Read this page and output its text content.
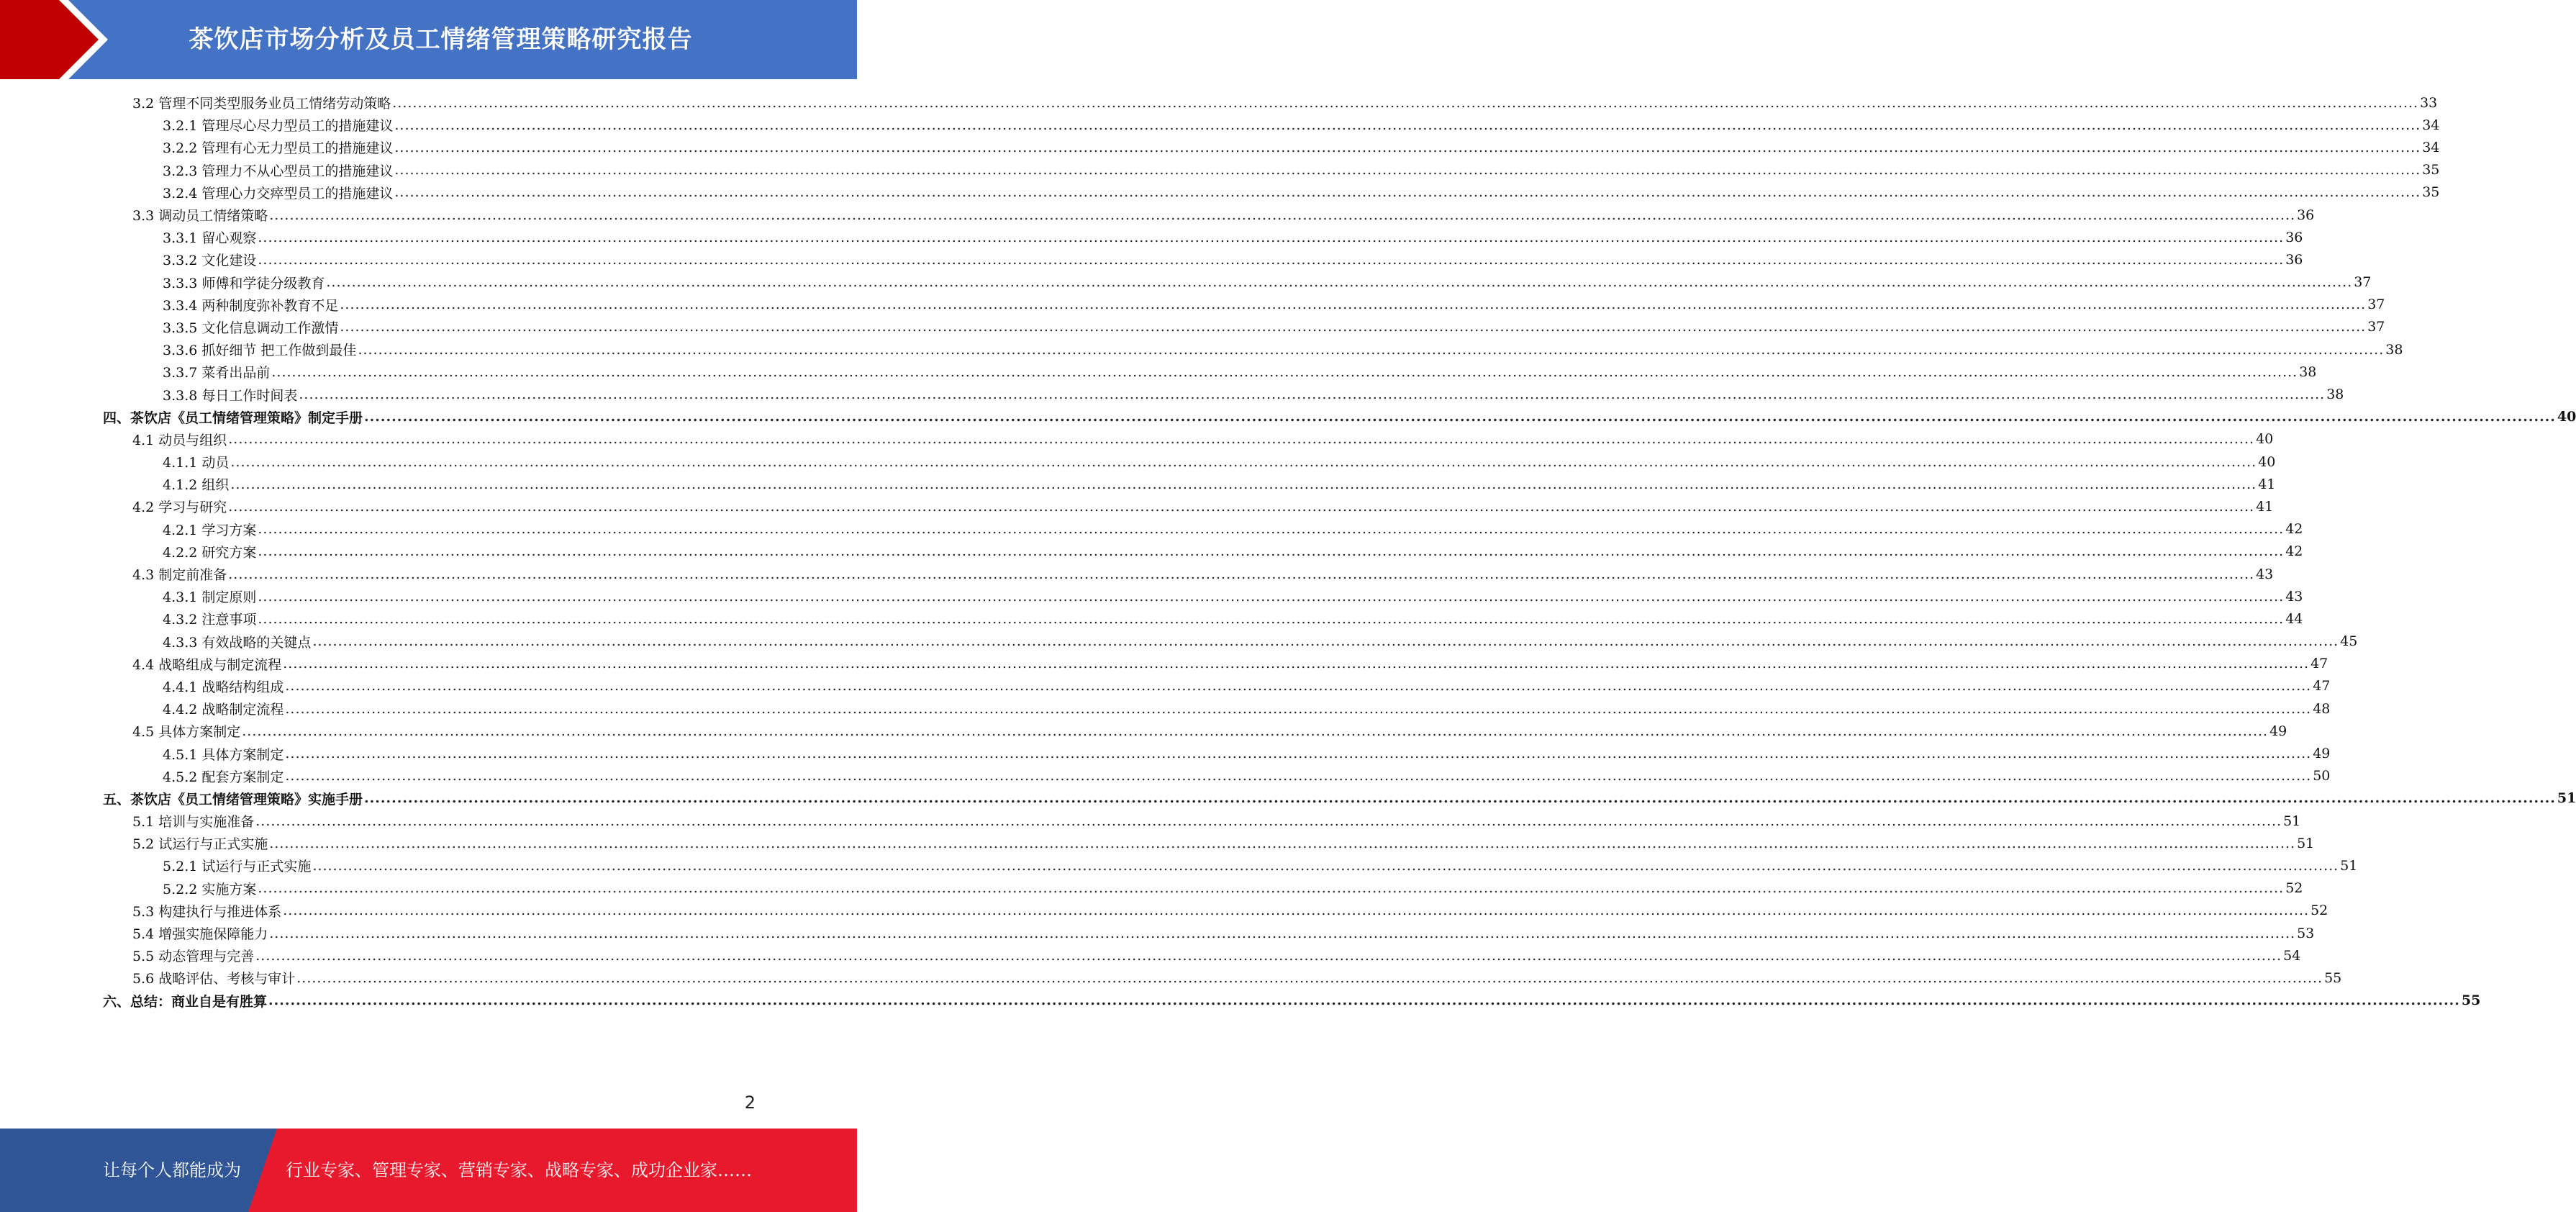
茶饮店市场分析及员工情绪管理策略研究报告
3.2 管理不同类型服务业员工情绪劳动策略 ................................................................................................................................................................................................................................................................................................................................................................................................................ 33
3.2.1 管理尽心尽力型员工的措施建议 ................................................................................................................................................................................................................................................................................................................................................................................................................ 34
3.2.2 管理有心无力型员工的措施建议 ................................................................................................................................................................................................................................................................................................................................................................................................................ 34
3.2.3 管理力不从心型员工的措施建议 ................................................................................................................................................................................................................................................................................................................................................................................................................ 35
3.2.4 管理心力交瘁型员工的措施建议 ................................................................................................................................................................................................................................................................................................................................................................................................................ 35
3.3 调动员工情绪策略 ................................................................................................................................................................................................................................................................................................................................................................................................................ 36
3.3.1 留心观察 ................................................................................................................................................................................................................................................................................................................................................................................................................ 36
3.3.2 文化建设 ................................................................................................................................................................................................................................................................................................................................................................................................................ 36
3.3.3 师傅和学徒分级教育 ................................................................................................................................................................................................................................................................................................................................................................................................................ 37
3.3.4 两种制度弥补教育不足 ................................................................................................................................................................................................................................................................................................................................................................................................................ 37
3.3.5 文化信息调动工作激情 ................................................................................................................................................................................................................................................................................................................................................................................................................ 37
3.3.6 抓好细节 把工作做到最佳 ................................................................................................................................................................................................................................................................................................................................................................................................................ 38
3.3.7 菜肴出品前 ................................................................................................................................................................................................................................................................................................................................................................................................................ 38
3.3.8 每日工作时间表 ................................................................................................................................................................................................................................................................................................................................................................................................................ 38
四、茶饮店《员工情绪管理策略》制定手册 ................................................................................................................................................................................................................................................................................................................................................................................................................ 40
4.1 动员与组织 ................................................................................................................................................................................................................................................................................................................................................................................................................ 40
4.1.1 动员 ................................................................................................................................................................................................................................................................................................................................................................................................................ 40
4.1.2 组织 ................................................................................................................................................................................................................................................................................................................................................................................................................ 41
4.2 学习与研究 ................................................................................................................................................................................................................................................................................................................................................................................................................ 41
4.2.1 学习方案 ................................................................................................................................................................................................................................................................................................................................................................................................................ 42
4.2.2 研究方案 ................................................................................................................................................................................................................................................................................................................................................................................................................ 42
4.3 制定前准备 ................................................................................................................................................................................................................................................................................................................................................................................................................ 43
4.3.1 制定原则 ................................................................................................................................................................................................................................................................................................................................................................................................................ 43
4.3.2 注意事项 ................................................................................................................................................................................................................................................................................................................................................................................................................ 44
4.3.3 有效战略的关键点 ................................................................................................................................................................................................................................................................................................................................................................................................................ 45
4.4 战略组成与制定流程 ................................................................................................................................................................................................................................................................................................................................................................................................................ 47
4.4.1 战略结构组成 ................................................................................................................................................................................................................................................................................................................................................................................................................ 47
4.4.2 战略制定流程 ................................................................................................................................................................................................................................................................................................................................................................................................................ 48
4.5 具体方案制定 ................................................................................................................................................................................................................................................................................................................................................................................................................ 49
4.5.1 具体方案制定 ................................................................................................................................................................................................................................................................................................................................................................................................................ 49
4.5.2 配套方案制定 ................................................................................................................................................................................................................................................................................................................................................................................................................ 50
五、茶饮店《员工情绪管理策略》实施手册 ................................................................................................................................................................................................................................................................................................................................................................................................................ 51
5.1 培训与实施准备 ................................................................................................................................................................................................................................................................................................................................................................................................................ 51
5.2 试运行与正式实施 ................................................................................................................................................................................................................................................................................................................................................................................................................ 51
5.2.1 试运行与正式实施 ................................................................................................................................................................................................................................................................................................................................................................................................................ 51
5.2.2 实施方案 ................................................................................................................................................................................................................................................................................................................................................................................................................ 52
5.3 构建执行与推进体系 ................................................................................................................................................................................................................................................................................................................................................................................................................ 52
5.4 增强实施保障能力 ................................................................................................................................................................................................................................................................................................................................................................................................................ 53
5.5 动态管理与完善 ................................................................................................................................................................................................................................................................................................................................................................................................................ 54
5.6 战略评估、考核与审计 ................................................................................................................................................................................................................................................................................................................................................................................................................ 55
六、总结：商业自是有胜算 ................................................................................................................................................................................................................................................................................................................................................................................................................ 55
2
让每个人都能成为	行业专家、管理专家、营销专家、战略专家、成功企业家……
